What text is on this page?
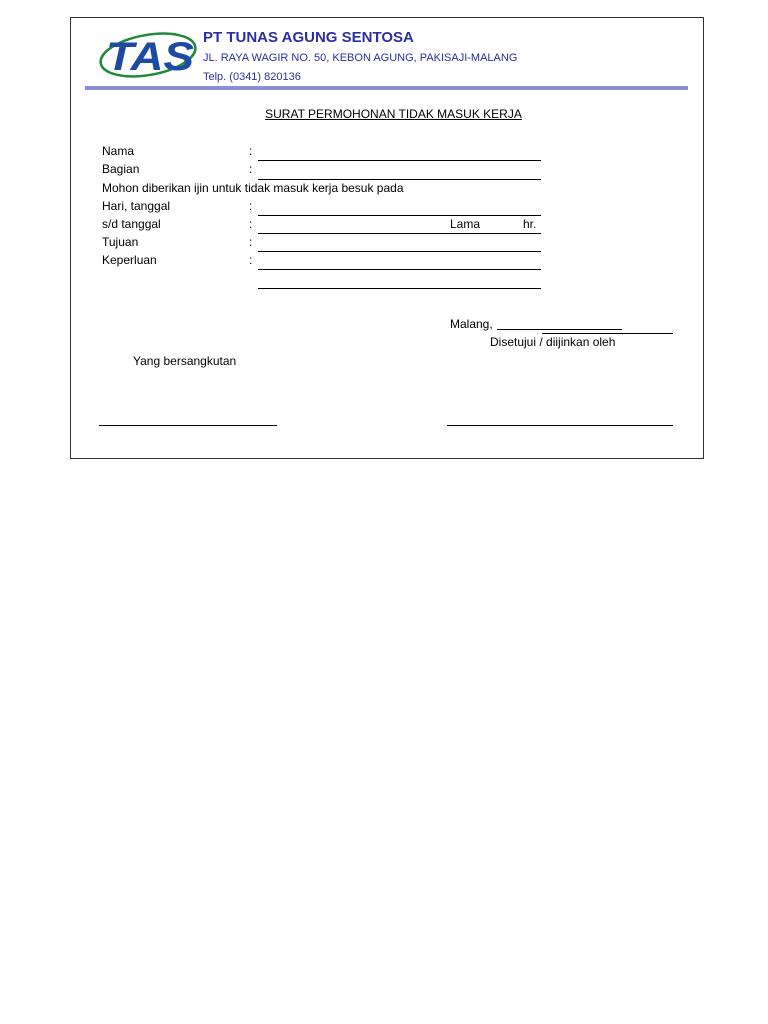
TAS PT TUNAS AGUNG SENTOSA
JL. RAYA WAGIR NO. 50, KEBON AGUNG, PAKISAJI-MALANG
Telp. (0341) 820136
SURAT PERMOHONAN TIDAK MASUK KERJA
Nama	:
Bagian	:
Mohon diberikan ijin untuk tidak masuk kerja besuk pada
Hari, tanggal	:
s/d tanggal	:	Lama	hr.
Tujuan	:
Keperluan	:
Malang,
Disetujui / diijinkan oleh
Yang bersangkutan
